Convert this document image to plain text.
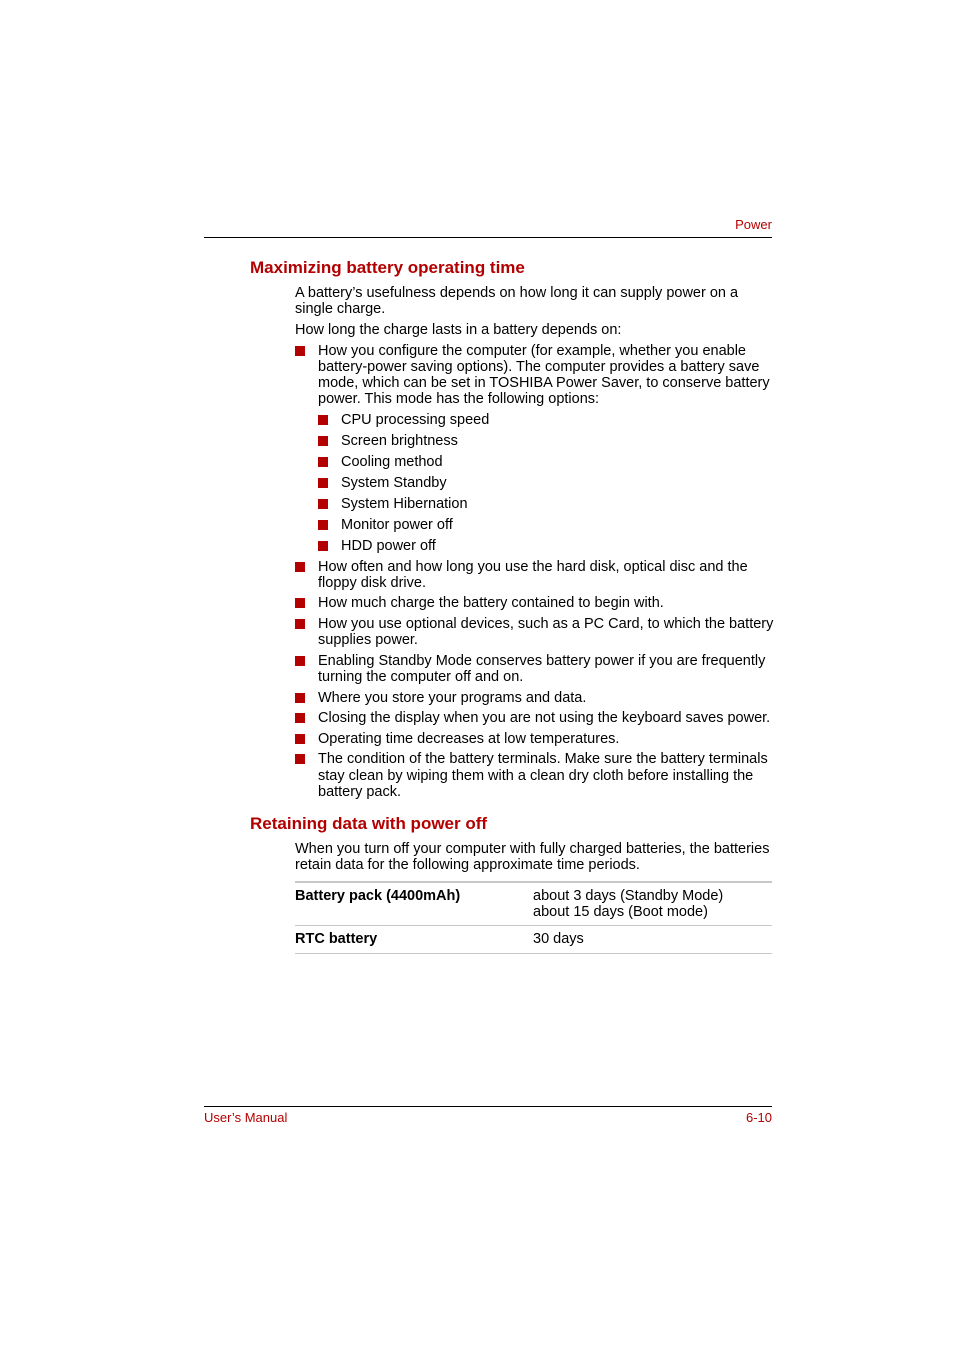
Power
Maximizing battery operating time

A battery’s usefulness depends on how long it can supply power on a single charge.

How long the charge lasts in a battery depends on:

How you configure the computer (for example, whether you enable battery-power saving options). The computer provides a battery save mode, which can be set in TOSHIBA Power Saver, to conserve battery power. This mode has the following options:
CPU processing speed
Screen brightness
Cooling method
System Standby
System Hibernation
Monitor power off
HDD power off
How often and how long you use the hard disk, optical disc and the floppy disk drive.
How much charge the battery contained to begin with.
How you use optional devices, such as a PC Card, to which the battery supplies power.
Enabling Standby Mode conserves battery power if you are frequently turning the computer off and on.
Where you store your programs and data.
Closing the display when you are not using the keyboard saves power.
Operating time decreases at low temperatures.
The condition of the battery terminals. Make sure the battery terminals stay clean by wiping them with a clean dry cloth before installing the battery pack.
Retaining data with power off

When you turn off your computer with fully charged batteries, the batteries retain data for the following approximate time periods.

Battery pack (4400mAh)	about 3 days (Standby Mode)
about 15 days (Boot mode)

RTC battery	30 days
User’s Manual	6-10
